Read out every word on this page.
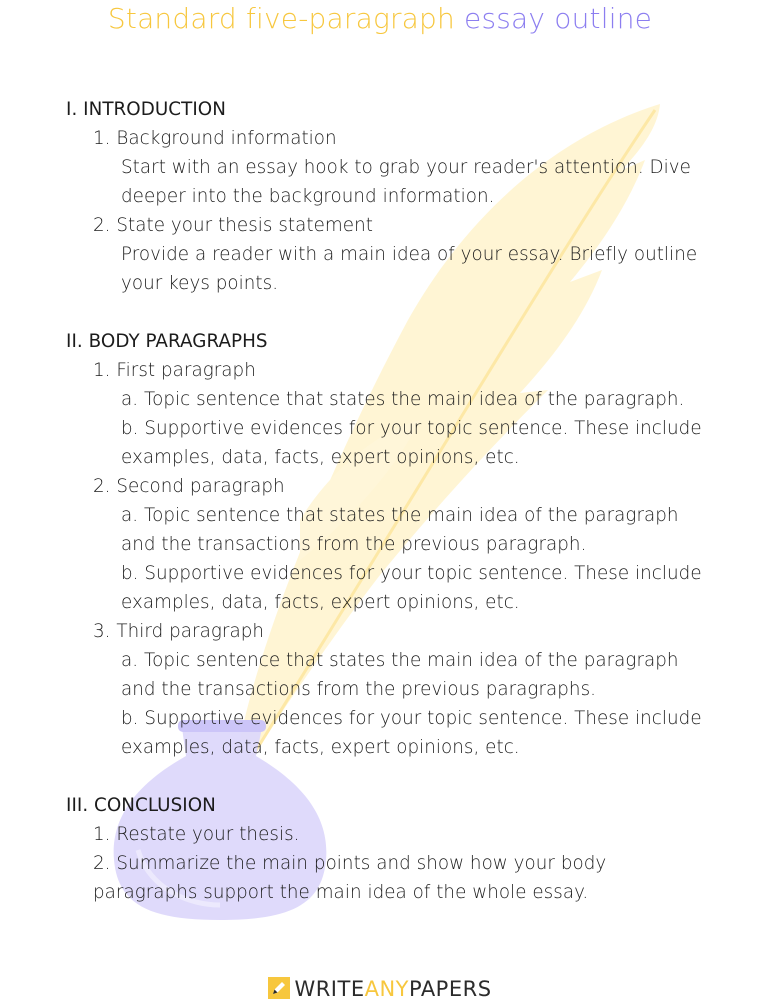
Standard five-paragraph essay outline
I. INTRODUCTION
1. Background information
Start with an essay hook to grab your reader's attention. Dive
deeper into the background information.
2. State your thesis statement
Provide a reader with a main idea of your essay. Briefly outline
your keys points.
II. BODY PARAGRAPHS
1. First paragraph
a. Topic sentence that states the main idea of the paragraph.
b. Supportive evidences for your topic sentence. These include
examples, data, facts, expert opinions, etc.
2. Second paragraph
a. Topic sentence that states the main idea of the paragraph
and the transactions from the previous paragraph.
b. Supportive evidences for your topic sentence. These include
examples, data, facts, expert opinions, etc.
3. Third paragraph
a. Topic sentence that states the main idea of the paragraph
and the transactions from the previous paragraphs.
b. Supportive evidences for your topic sentence. These include
examples, data, facts, expert opinions, etc.
III. CONCLUSION
1. Restate your thesis.
2. Summarize the main points and show how your body
paragraphs support the main idea of the whole essay.
WRITEANYPAPERS
